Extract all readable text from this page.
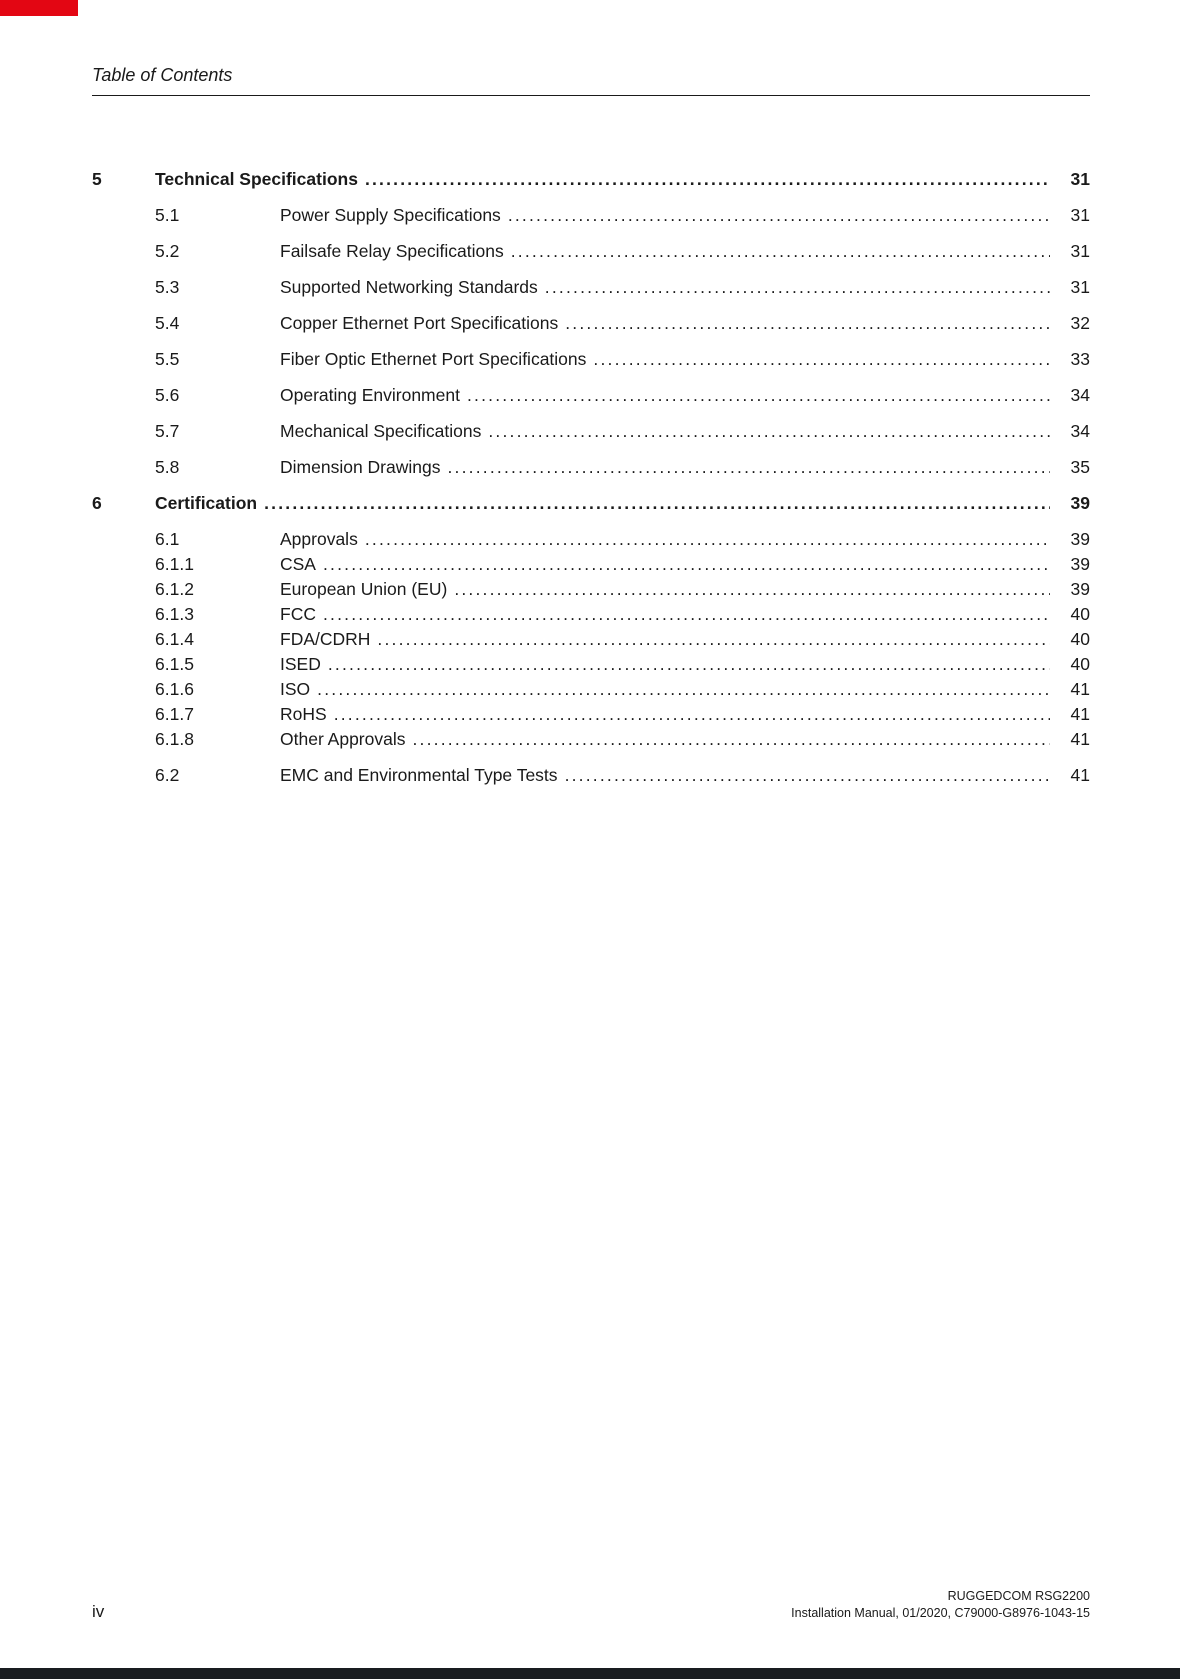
Table of Contents
5	Technical Specifications .....	31
5.1	Power Supply Specifications .....	31
5.2	Failsafe Relay Specifications .....	31
5.3	Supported Networking Standards .....	31
5.4	Copper Ethernet Port Specifications .....	32
5.5	Fiber Optic Ethernet Port Specifications .....	33
5.6	Operating Environment .....	34
5.7	Mechanical Specifications .....	34
5.8	Dimension Drawings .....	35
6	Certification .....	39
6.1	Approvals .....	39
6.1.1	CSA .....	39
6.1.2	European Union (EU) .....	39
6.1.3	FCC .....	40
6.1.4	FDA/CDRH .....	40
6.1.5	ISED .....	40
6.1.6	ISO .....	41
6.1.7	RoHS .....	41
6.1.8	Other Approvals .....	41
6.2	EMC and Environmental Type Tests .....	41
iv
RUGGEDCOM RSG2200
Installation Manual, 01/2020, C79000-G8976-1043-15
